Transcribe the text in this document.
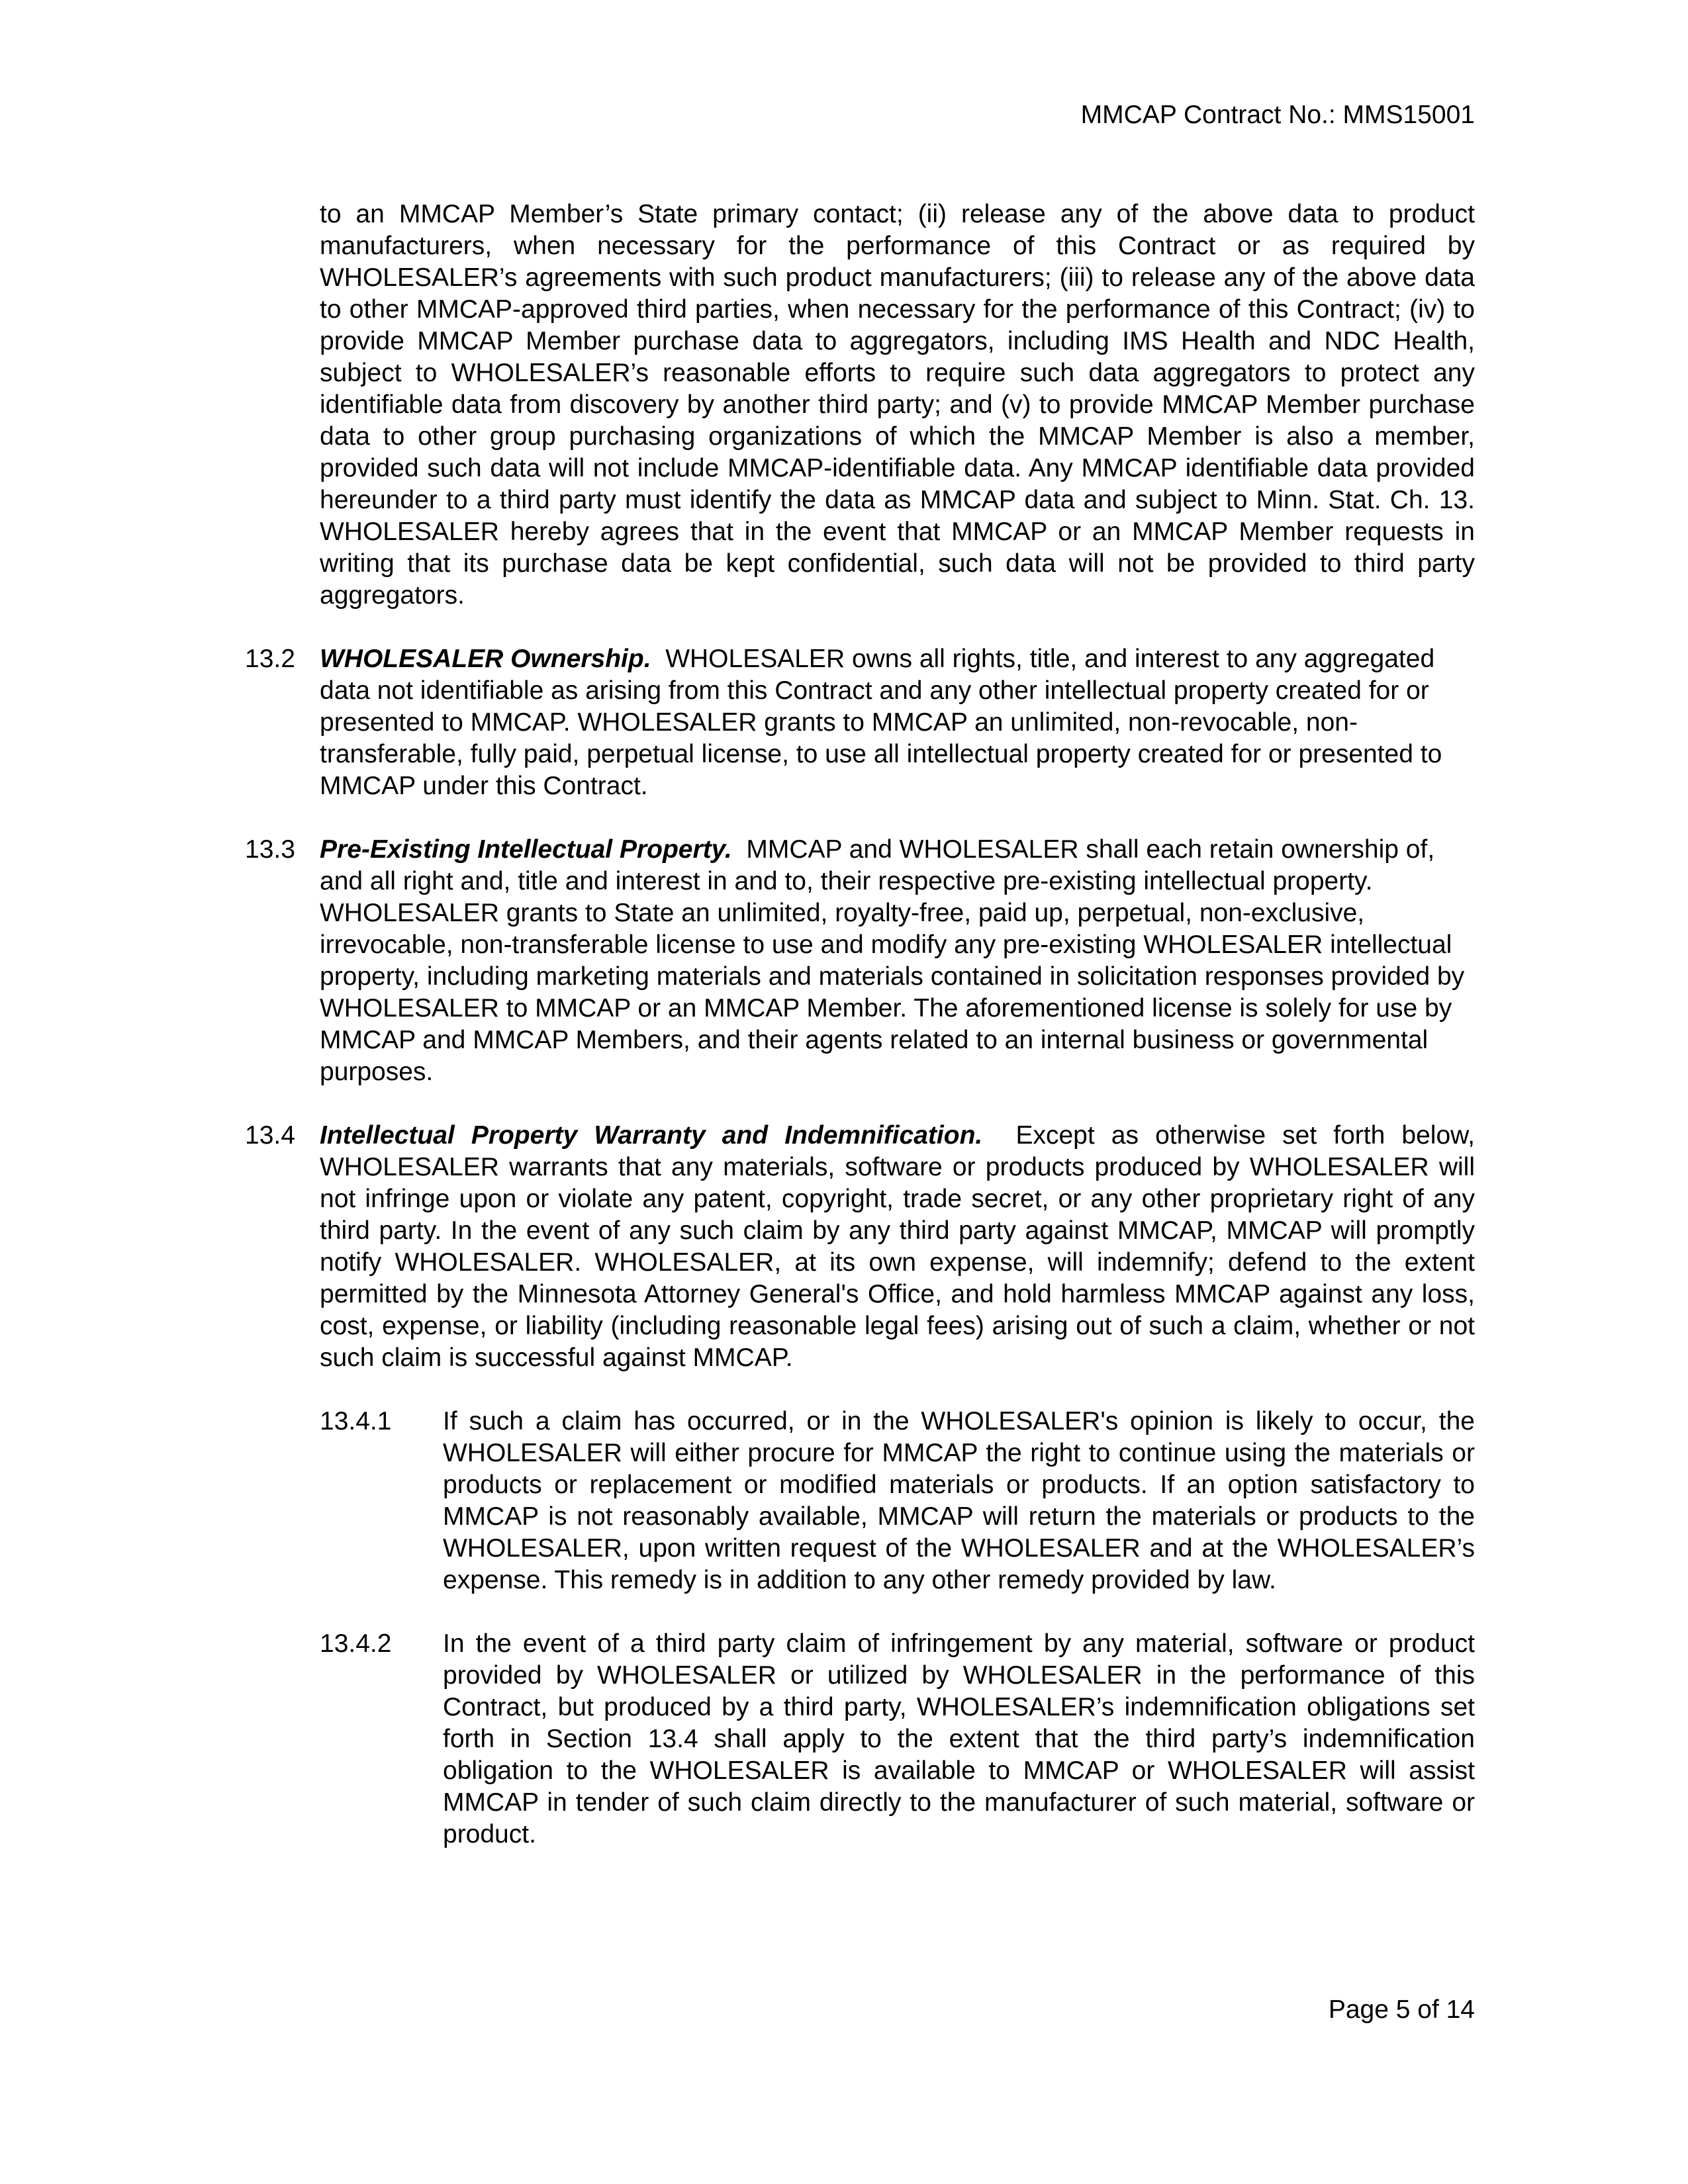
MMCAP Contract No.: MMS15001
to an MMCAP Member’s State primary contact; (ii) release any of the above data to product manufacturers, when necessary for the performance of this Contract or as required by WHOLESALER’s agreements with such product manufacturers; (iii) to release any of the above data to other MMCAP-approved third parties, when necessary for the performance of this Contract; (iv) to provide MMCAP Member purchase data to aggregators, including IMS Health and NDC Health, subject to WHOLESALER’s reasonable efforts to require such data aggregators to protect any identifiable data from discovery by another third party; and (v) to provide MMCAP Member purchase data to other group purchasing organizations of which the MMCAP Member is also a member, provided such data will not include MMCAP-identifiable data. Any MMCAP identifiable data provided hereunder to a third party must identify the data as MMCAP data and subject to Minn. Stat. Ch. 13. WHOLESALER hereby agrees that in the event that MMCAP or an MMCAP Member requests in writing that its purchase data be kept confidential, such data will not be provided to third party aggregators.
13.2 WHOLESALER Ownership. WHOLESALER owns all rights, title, and interest to any aggregated data not identifiable as arising from this Contract and any other intellectual property created for or presented to MMCAP. WHOLESALER grants to MMCAP an unlimited, non-revocable, non-transferable, fully paid, perpetual license, to use all intellectual property created for or presented to MMCAP under this Contract.
13.3 Pre-Existing Intellectual Property. MMCAP and WHOLESALER shall each retain ownership of, and all right and, title and interest in and to, their respective pre-existing intellectual property. WHOLESALER grants to State an unlimited, royalty-free, paid up, perpetual, non-exclusive, irrevocable, non-transferable license to use and modify any pre-existing WHOLESALER intellectual property, including marketing materials and materials contained in solicitation responses provided by WHOLESALER to MMCAP or an MMCAP Member. The aforementioned license is solely for use by MMCAP and MMCAP Members, and their agents related to an internal business or governmental purposes.
13.4 Intellectual Property Warranty and Indemnification. Except as otherwise set forth below, WHOLESALER warrants that any materials, software or products produced by WHOLESALER will not infringe upon or violate any patent, copyright, trade secret, or any other proprietary right of any third party. In the event of any such claim by any third party against MMCAP, MMCAP will promptly notify WHOLESALER. WHOLESALER, at its own expense, will indemnify; defend to the extent permitted by the Minnesota Attorney General's Office, and hold harmless MMCAP against any loss, cost, expense, or liability (including reasonable legal fees) arising out of such a claim, whether or not such claim is successful against MMCAP.
13.4.1	If such a claim has occurred, or in the WHOLESALER's opinion is likely to occur, the WHOLESALER will either procure for MMCAP the right to continue using the materials or products or replacement or modified materials or products. If an option satisfactory to MMCAP is not reasonably available, MMCAP will return the materials or products to the WHOLESALER, upon written request of the WHOLESALER and at the WHOLESALER’s expense. This remedy is in addition to any other remedy provided by law.
13.4.2	In the event of a third party claim of infringement by any material, software or product provided by WHOLESALER or utilized by WHOLESALER in the performance of this Contract, but produced by a third party, WHOLESALER’s indemnification obligations set forth in Section 13.4 shall apply to the extent that the third party’s indemnification obligation to the WHOLESALER is available to MMCAP or WHOLESALER will assist MMCAP in tender of such claim directly to the manufacturer of such material, software or product.
Page 5 of 14
